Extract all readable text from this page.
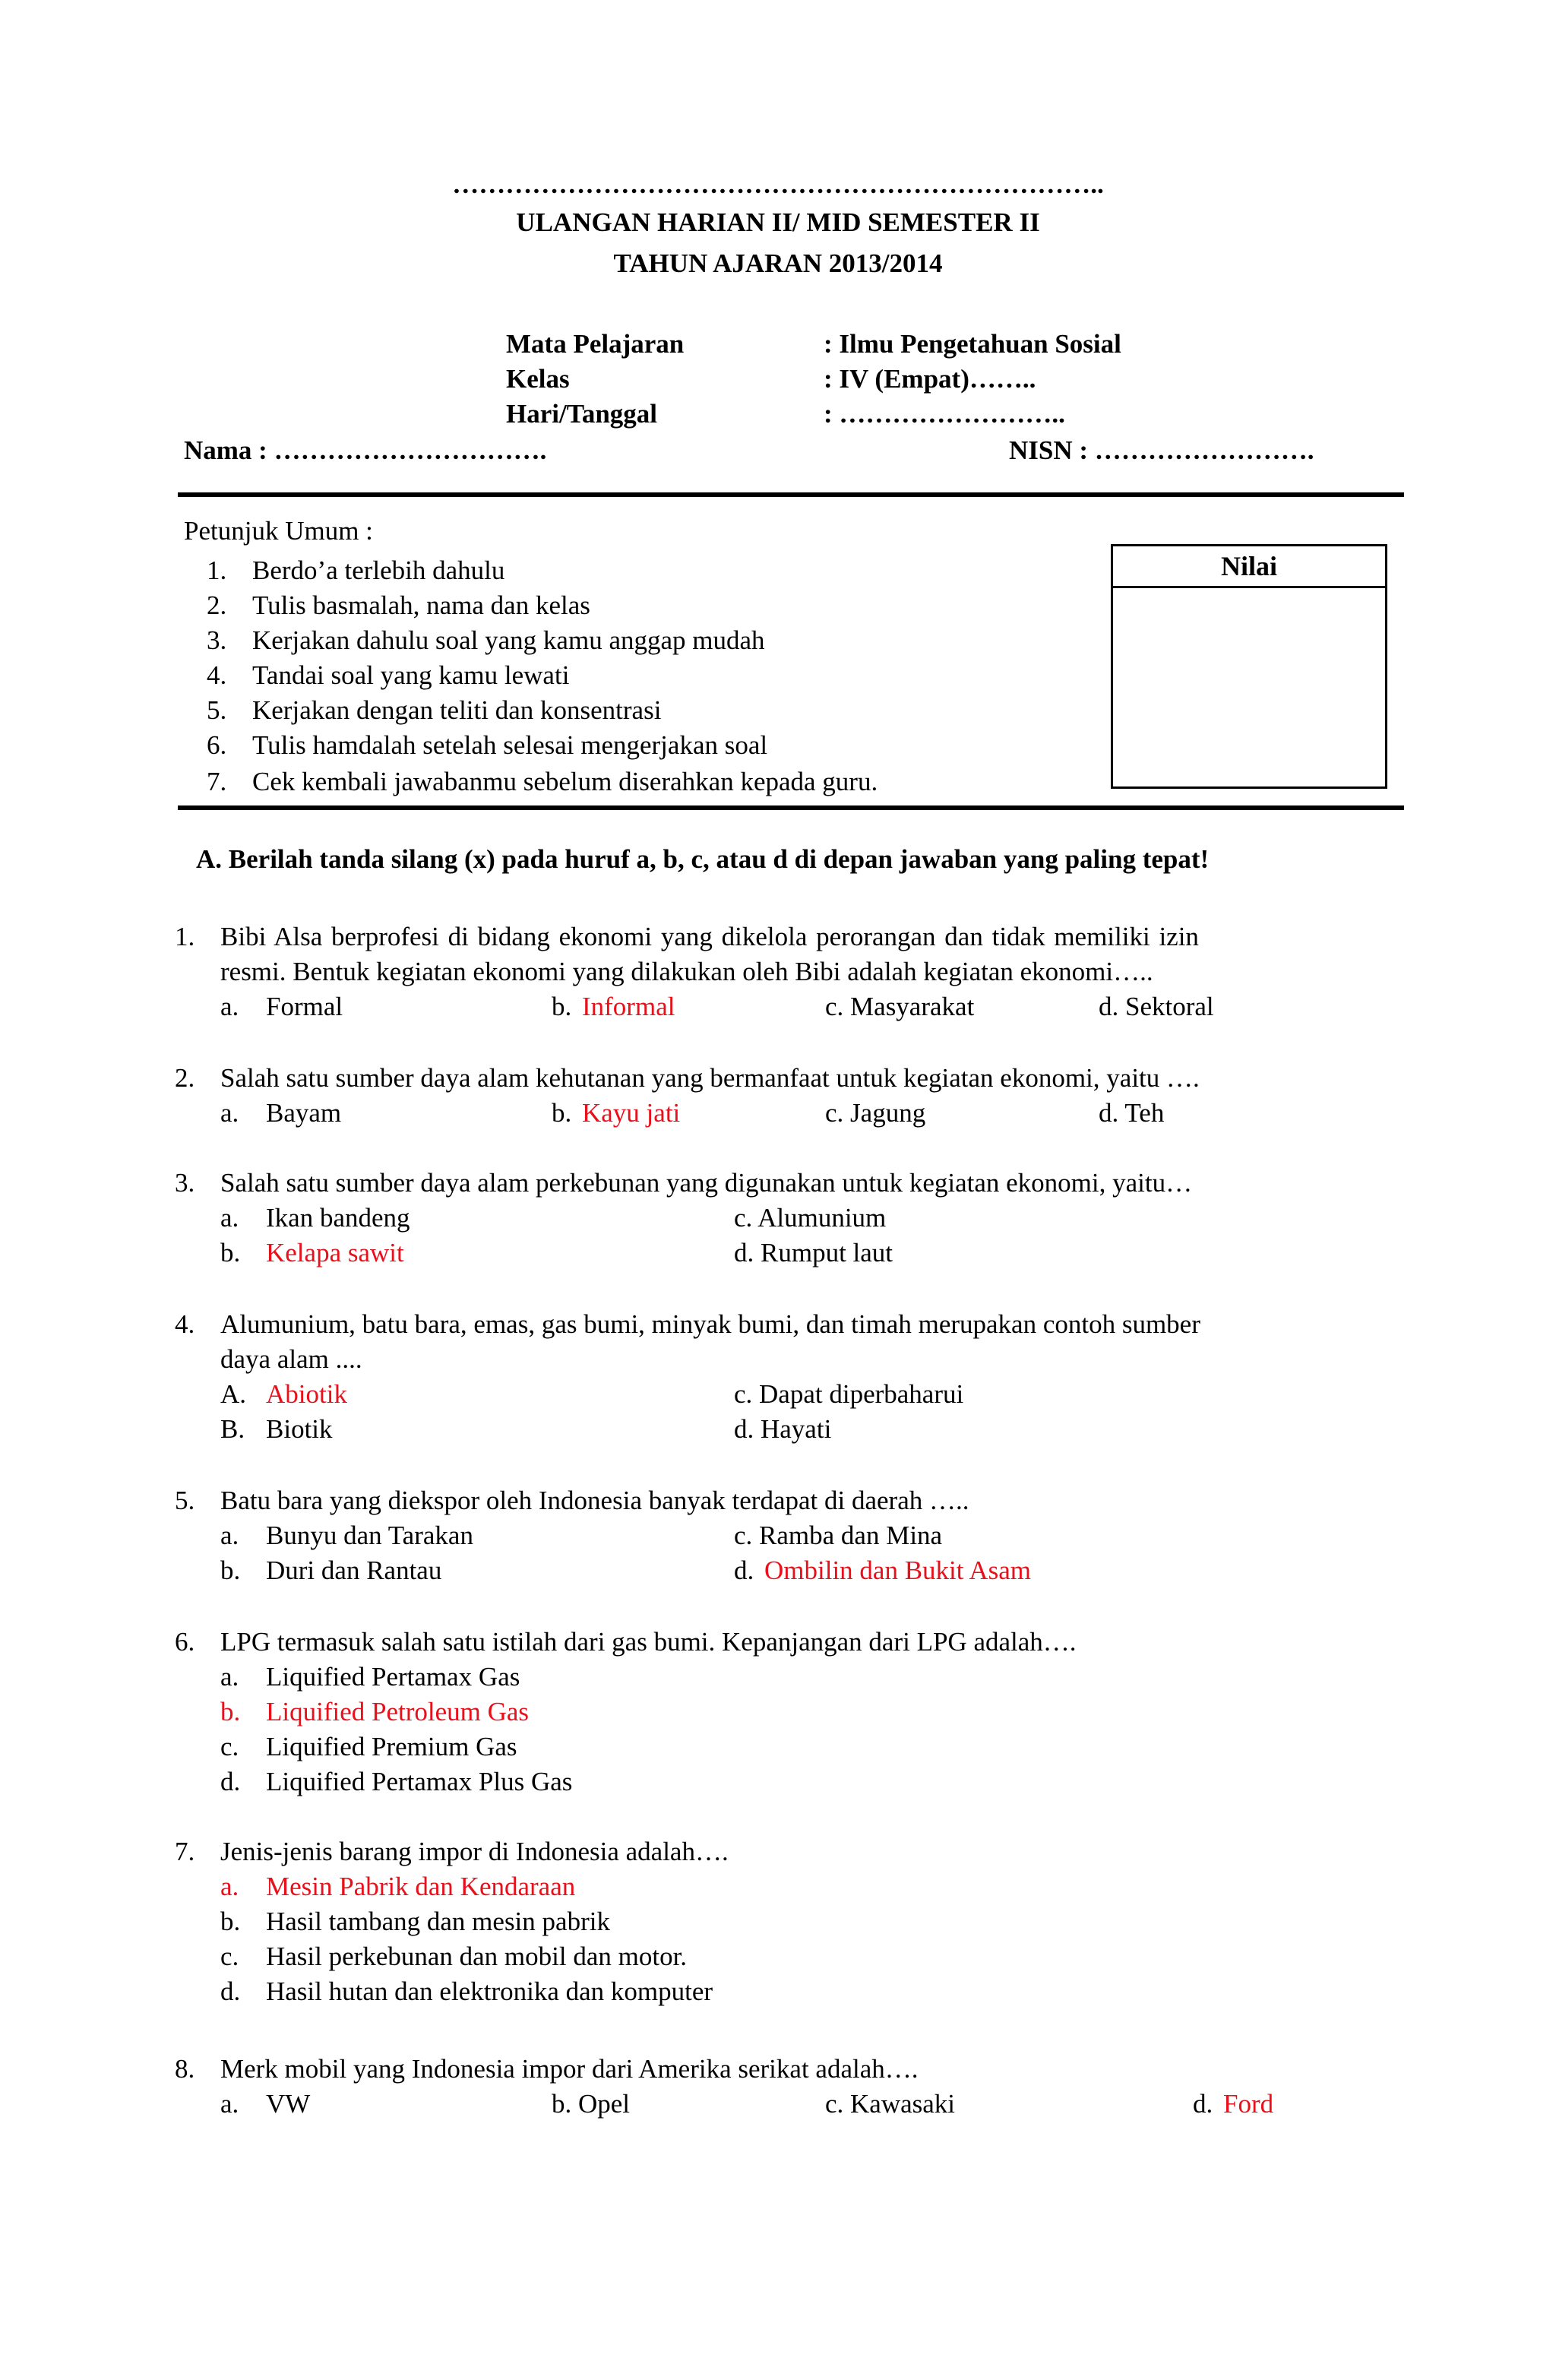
………………………………………………………………..
ULANGAN HARIAN II/ MID SEMESTER II
TAHUN AJARAN 2013/2014
Mata Pelajaran	: Ilmu Pengetahuan Sosial
Kelas	: IV (Empat)……..
Hari/Tanggal	: ……………………..
Nama : ………………………….	NISN : …………………….
Petunjuk Umum :
1. Berdo’a terlebih dahulu
2. Tulis basmalah, nama dan kelas
3. Kerjakan dahulu soal yang kamu anggap mudah
4. Tandai soal yang kamu lewati
5. Kerjakan dengan teliti dan konsentrasi
6. Tulis hamdalah setelah selesai mengerjakan soal
7. Cek kembali jawabanmu sebelum diserahkan kepada guru.
Nilai
A. Berilah tanda silang (x) pada huruf a, b, c, atau d di depan jawaban yang paling tepat!
1. Bibi Alsa berprofesi di bidang ekonomi yang dikelola perorangan dan tidak memiliki izin
resmi. Bentuk kegiatan ekonomi yang dilakukan oleh Bibi adalah kegiatan ekonomi…..
a. Formal	b. Informal	c. Masyarakat	d. Sektoral
2. Salah satu sumber daya alam kehutanan yang bermanfaat untuk kegiatan ekonomi, yaitu ….
a. Bayam	b. Kayu jati	c. Jagung	d. Teh
3. Salah satu sumber daya alam perkebunan yang digunakan untuk kegiatan ekonomi, yaitu…
a. Ikan bandeng	c. Alumunium
b. Kelapa sawit	d. Rumput laut
4. Alumunium, batu bara, emas, gas bumi, minyak bumi, dan timah merupakan contoh sumber
daya alam ....
A. Abiotik	c. Dapat diperbaharui
B. Biotik	d. Hayati
5. Batu bara yang diekspor oleh Indonesia banyak terdapat di daerah …..
a. Bunyu dan Tarakan	c. Ramba dan Mina
b. Duri dan Rantau	d. Ombilin dan Bukit Asam
6. LPG termasuk salah satu istilah dari gas bumi. Kepanjangan dari LPG adalah….
a. Liquified Pertamax Gas
b. Liquified Petroleum Gas
c. Liquified Premium Gas
d. Liquified Pertamax Plus Gas
7. Jenis-jenis barang impor di Indonesia adalah….
a. Mesin Pabrik dan Kendaraan
b. Hasil tambang dan mesin pabrik
c. Hasil perkebunan dan mobil dan motor.
d. Hasil hutan dan elektronika dan komputer
8. Merk mobil yang Indonesia impor dari Amerika serikat adalah….
a. VW	b. Opel	c. Kawasaki	d. Ford
